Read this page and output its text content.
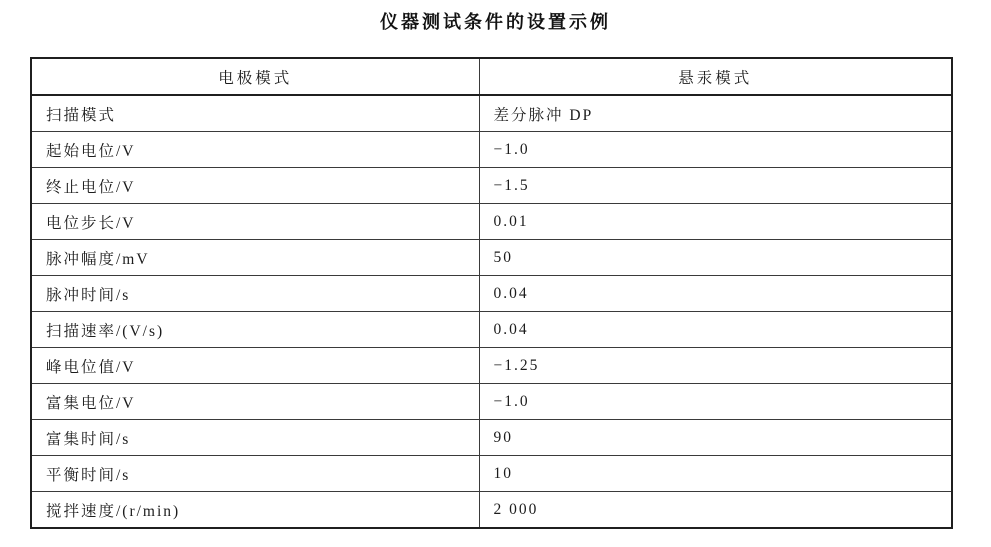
仪器测试条件的设置示例
电极模式	悬汞模式
扫描模式	差分脉冲 DP
起始电位/V	−1.0
终止电位/V	−1.5
电位步长/V	0.01
脉冲幅度/mV	50
脉冲时间/s	0.04
扫描速率/(V/s)	0.04
峰电位值/V	−1.25
富集电位/V	−1.0
富集时间/s	90
平衡时间/s	10
搅拌速度/(r/min)	2 000
